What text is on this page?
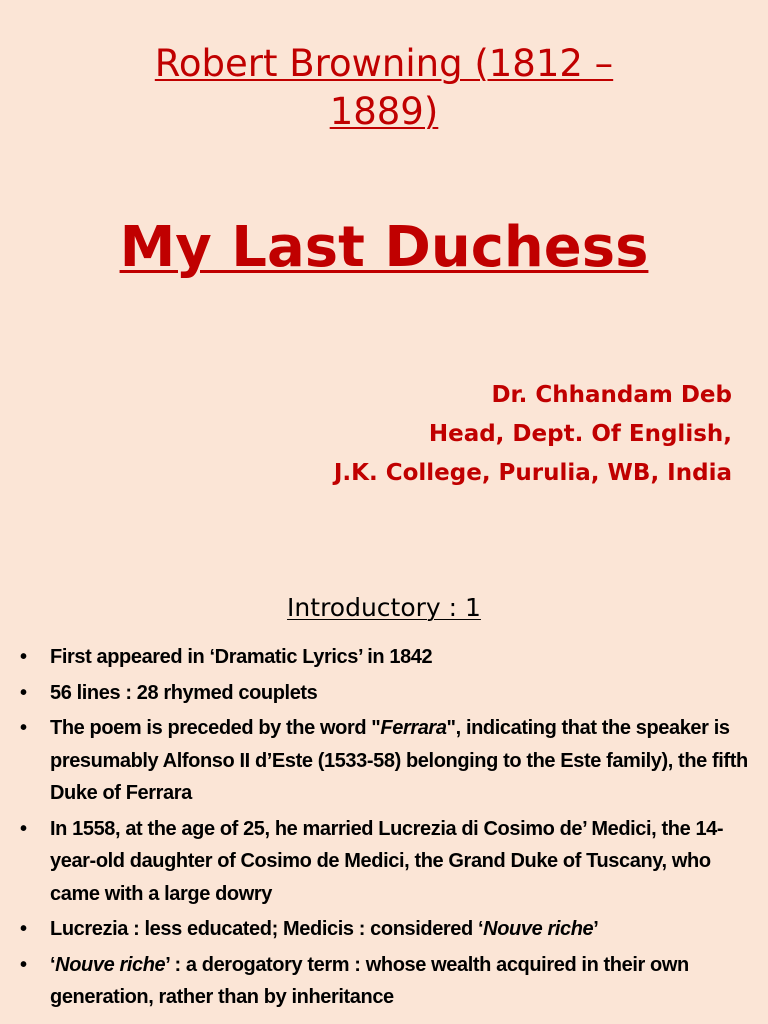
Robert Browning (1812 –
1889)
My Last Duchess
Dr. Chhandam Deb
Head, Dept. Of English,
J.K. College, Purulia, WB, India
Introductory : 1
• First appeared in ‘Dramatic Lyrics’ in 1842
• 56 lines : 28 rhymed couplets
• The poem is preceded by the word "Ferrara", indicating that the speaker is presumably Alfonso II d’Este (1533-58) belonging to the Este family), the fifth Duke of Ferrara
• In 1558, at the age of 25, he married Lucrezia di Cosimo de’ Medici, the 14-year-old daughter of Cosimo de Medici, the Grand Duke of Tuscany, who came with a large dowry
• Lucrezia : less educated; Medicis : considered ‘Nouve riche’
• ‘Nouve riche’ : a derogatory term : whose wealth acquired in their own generation, rather than by inheritance
